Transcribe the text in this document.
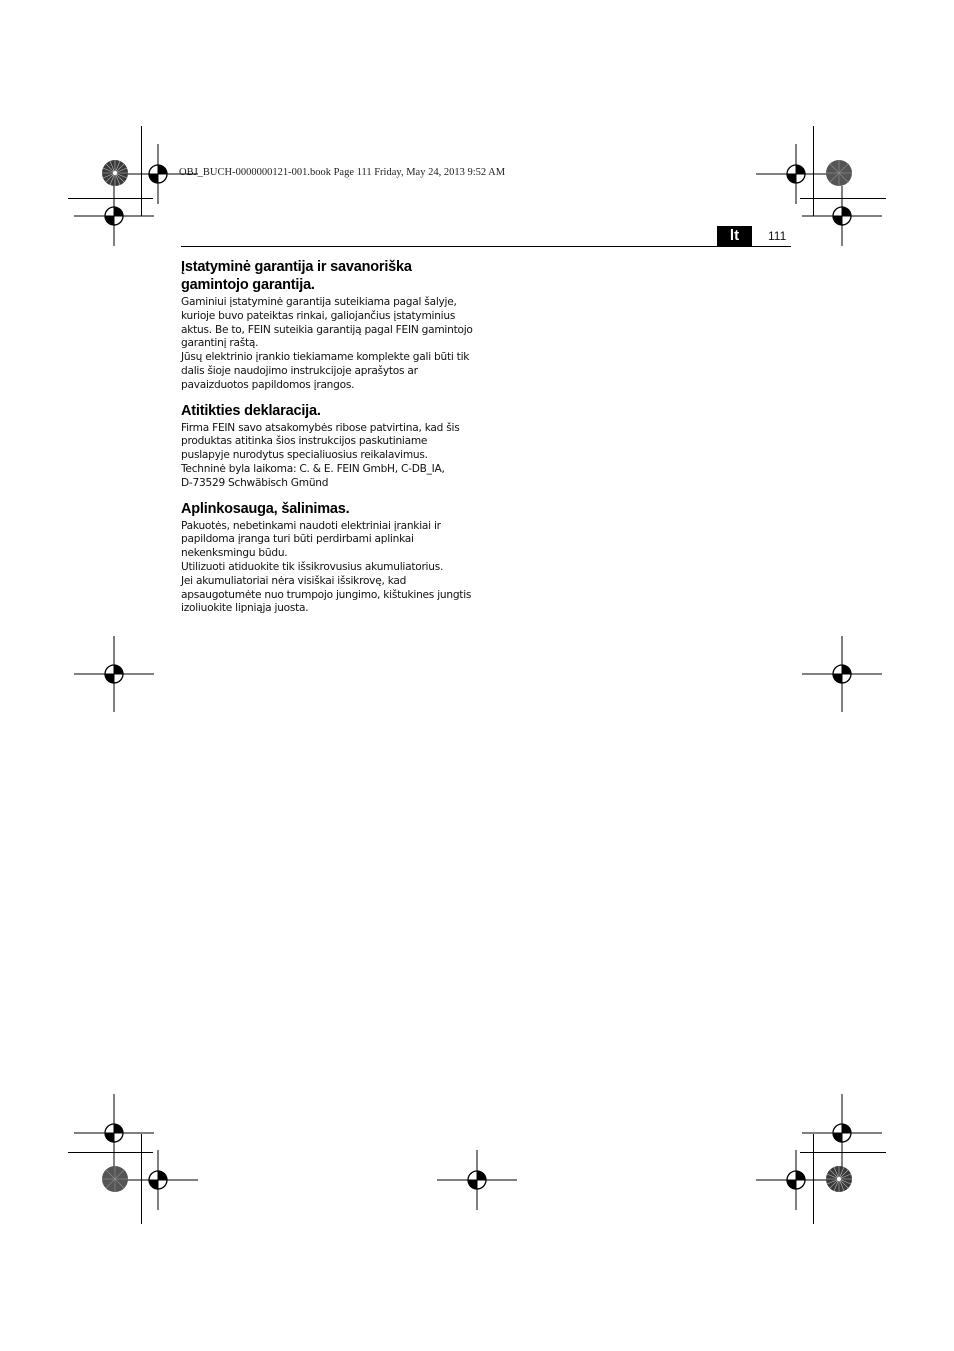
OBJ_BUCH-0000000121-001.book Page 111 Friday, May 24, 2013 9:52 AM
lt	111
Įstatyminė garantija ir savanoriška
gamintojo garantija.

Gaminiui įstatyminė garantija suteikiama pagal šalyje,
kurioje buvo pateiktas rinkai, galiojančius įstatyminius
aktus. Be to, FEIN suteikia garantiją pagal FEIN gamintojo
garantinį raštą.

Jūsų elektrinio įrankio tiekiamame komplekte gali būti tik
dalis šioje naudojimo instrukcijoje aprašytos ar
pavaizduotos papildomos įrangos.

Atitikties deklaracija.

Firma FEIN savo atsakomybės ribose patvirtina, kad šis
produktas atitinka šios instrukcijos paskutiniame
puslapyje nurodytus specialiuosius reikalavimus.

Techninė byla laikoma: C. & E. FEIN GmbH, C-DB_IA,
D-73529 Schwäbisch Gmünd

Aplinkosauga, šalinimas.

Pakuotės, nebetinkami naudoti elektriniai įrankiai ir
papildoma įranga turi būti perdirbami aplinkai
nekenksmingu būdu.

Utilizuoti atiduokite tik išsikrovusius akumuliatorius.

Jei akumuliatoriai nėra visiškai išsikrovę, kad
apsaugotumėte nuo trumpojo jungimo, kištukines jungtis
izoliuokite lipniąja juosta.
